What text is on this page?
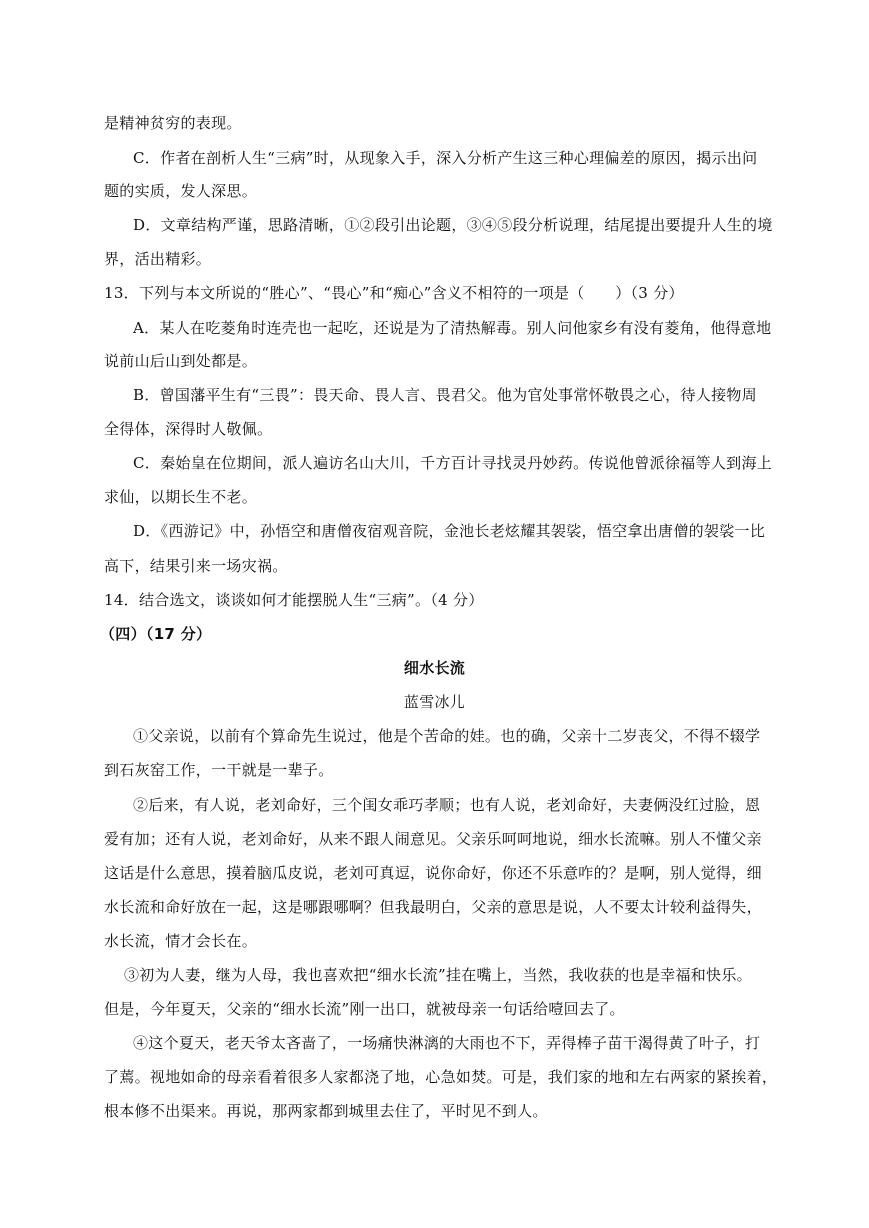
是精神贫穷的表现。
C．作者在剖析人生“三病”时，从现象入手，深入分析产生这三种心理偏差的原因，揭示出问
题的实质，发人深思。
D．文章结构严谨，思路清晰，①②段引出论题，③④⑤段分析说理，结尾提出要提升人生的境
界，活出精彩。
13．下列与本文所说的“胜心”、“畏心”和“痴心”含义不相符的一项是（　　）（3 分）
A．某人在吃菱角时连壳也一起吃，还说是为了清热解毒。别人问他家乡有没有菱角，他得意地
说前山后山到处都是。
B．曾国藩平生有“三畏”：畏天命、畏人言、畏君父。他为官处事常怀敬畏之心，待人接物周
全得体，深得时人敬佩。
C．秦始皇在位期间，派人遍访名山大川，千方百计寻找灵丹妙药。传说他曾派徐福等人到海上
求仙，以期长生不老。
D．《西游记》中，孙悟空和唐僧夜宿观音院，金池长老炫耀其袈裟，悟空拿出唐僧的袈裟一比
高下，结果引来一场灾祸。
14．结合选文，谈谈如何才能摆脱人生“三病”。（4 分）
（四）（17 分）
细水长流
蓝雪冰儿
①父亲说，以前有个算命先生说过，他是个苦命的娃。也的确，父亲十二岁丧父，不得不辍学
到石灰窑工作，一干就是一辈子。
②后来，有人说，老刘命好，三个闺女乖巧孝顺；也有人说，老刘命好，夫妻俩没红过脸，恩
爱有加；还有人说，老刘命好，从来不跟人闹意见。父亲乐呵呵地说，细水长流嘛。别人不懂父亲
这话是什么意思，摸着脑瓜皮说，老刘可真逗，说你命好，你还不乐意咋的？是啊，别人觉得，细
水长流和命好放在一起，这是哪跟哪啊？但我最明白，父亲的意思是说，人不要太计较利益得失，
水长流，情才会长在。
③初为人妻，继为人母，我也喜欢把“细水长流”挂在嘴上，当然，我收获的也是幸福和快乐。
但是，今年夏天，父亲的“细水长流”刚一出口，就被母亲一句话给噎回去了。
④这个夏天，老天爷太吝啬了，一场痛快淋漓的大雨也不下，弄得棒子苗干渴得黄了叶子，打
了蔫。视地如命的母亲看着很多人家都浇了地，心急如焚。可是，我们家的地和左右两家的紧挨着，
根本修不出渠来。再说，那两家都到城里去住了，平时见不到人。
